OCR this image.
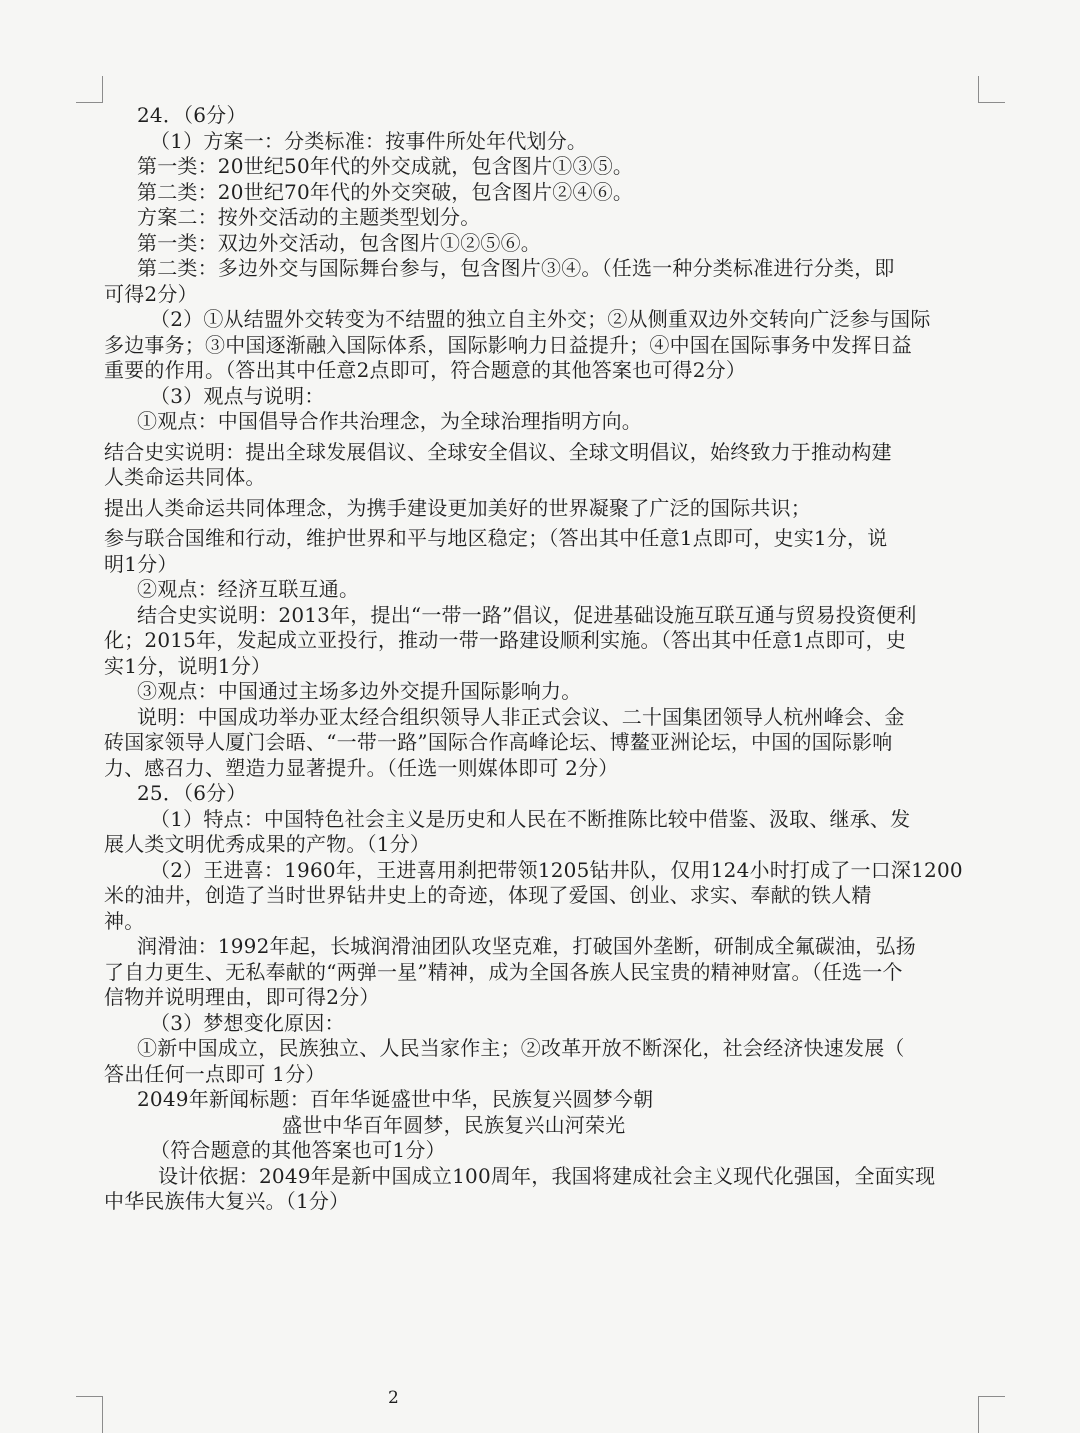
24．（6分）
（1）方案一：分类标准：按事件所处年代划分。
第一类：20世纪50年代的外交成就，包含图片①③⑤。
第二类：20世纪70年代的外交突破，包含图片②④⑥。
方案二：按外交活动的主题类型划分。
第一类：双边外交活动，包含图片①②⑤⑥。
第二类：多边外交与国际舞台参与，包含图片③④。（任选一种分类标准进行分类，即
可得2分）
（2）①从结盟外交转变为不结盟的独立自主外交；②从侧重双边外交转向广泛参与国际
多边事务；③中国逐渐融入国际体系，国际影响力日益提升；④中国在国际事务中发挥日益
重要的作用。（答出其中任意2点即可，符合题意的其他答案也可得2分）
（3）观点与说明：
①观点：中国倡导合作共治理念，为全球治理指明方向。
结合史实说明：提出全球发展倡议、全球安全倡议、全球文明倡议，始终致力于推动构建
人类命运共同体。
提出人类命运共同体理念，为携手建设更加美好的世界凝聚了广泛的国际共识；
参与联合国维和行动，维护世界和平与地区稳定；（答出其中任意1点即可，史实1分，说
明1分）
②观点：经济互联互通。
结合史实说明：2013年，提出“一带一路”倡议，促进基础设施互联互通与贸易投资便利
化；2015年，发起成立亚投行，推动一带一路建设顺利实施。（答出其中任意1点即可，史
实1分，说明1分）
③观点：中国通过主场多边外交提升国际影响力。
说明：中国成功举办亚太经合组织领导人非正式会议、二十国集团领导人杭州峰会、金
砖国家领导人厦门会晤、“一带一路”国际合作高峰论坛、博鳌亚洲论坛，中国的国际影响
力、感召力、塑造力显著提升。（任选一则媒体即可 2分）
25．（6分）
（1）特点：中国特色社会主义是历史和人民在不断推陈比较中借鉴、汲取、继承、发
展人类文明优秀成果的产物。（1分）
（2）王进喜：1960年，王进喜用刹把带领1205钻井队，仅用124小时打成了一口深1200
米的油井，创造了当时世界钻井史上的奇迹，体现了爱国、创业、求实、奉献的铁人精
神。
润滑油：1992年起，长城润滑油团队攻坚克难，打破国外垄断，研制成全氟碳油，弘扬
了自力更生、无私奉献的“两弹一星”精神，成为全国各族人民宝贵的精神财富。（任选一个
信物并说明理由，即可得2分）
（3）梦想变化原因：
①新中国成立，民族独立、人民当家作主；②改革开放不断深化，社会经济快速发展（
答出任何一点即可 1分）
2049年新闻标题：百年华诞盛世中华，民族复兴圆梦今朝
盛世中华百年圆梦，民族复兴山河荣光
（符合题意的其他答案也可1分）
设计依据：2049年是新中国成立100周年，我国将建成社会主义现代化强国，全面实现
中华民族伟大复兴。（1分）
2
